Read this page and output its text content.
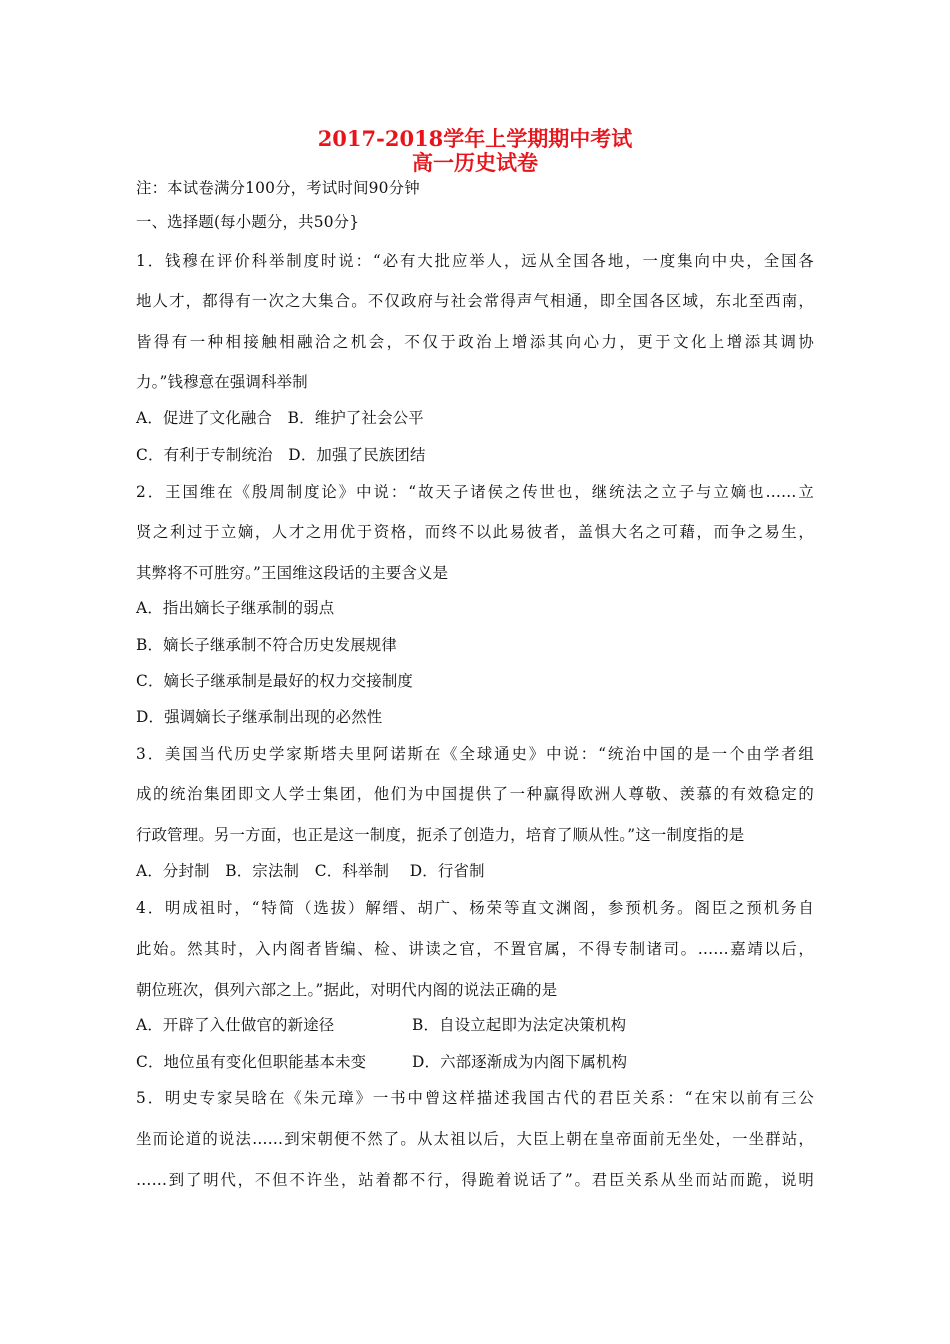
2017-2018学年上学期期中考试
高一历史试卷
注：本试卷满分100分，考试时间90分钟
一、选择题(每小题分，共50分}
1．钱穆在评价科举制度时说：“必有大批应举人，远从全国各地，一度集向中央，全国各
地人才，都得有一次之大集合。不仅政府与社会常得声气相通，即全国各区域，东北至西南，
皆得有一种相接触相融洽之机会，不仅于政治上增添其向心力，更于文化上增添其调协
力。”钱穆意在强调科举制
A．促进了文化融合　B．维护了社会公平
C．有利于专制统治　D．加强了民族团结
2．王国维在《殷周制度论》中说：“故天子诸侯之传世也，继统法之立子与立嫡也……立
贤之利过于立嫡，人才之用优于资格，而终不以此易彼者，盖惧大名之可藉，而争之易生，
其弊将不可胜穷。”王国维这段话的主要含义是
A．指出嫡长子继承制的弱点
B．嫡长子继承制不符合历史发展规律
C．嫡长子继承制是最好的权力交接制度
D．强调嫡长子继承制出现的必然性
3．美国当代历史学家斯塔夫里阿诺斯在《全球通史》中说：“统治中国的是一个由学者组
成的统治集团即文人学士集团，他们为中国提供了一种赢得欧洲人尊敬、羡慕的有效稳定的
行政管理。另一方面，也正是这一制度，扼杀了创造力，培育了顺从性。”这一制度指的是
A．分封制　B．宗法制　C．科举制　 D．行省制
4．明成祖时，“特简（选拔）解缙、胡广、杨荣等直文渊阁，参预机务。阁臣之预机务自
此始。然其时，入内阁者皆编、检、讲读之官，不置官属，不得专制诸司。……嘉靖以后，
朝位班次，俱列六部之上。”据此，对明代内阁的说法正确的是
A．开辟了入仕做官的新途径	B．自设立起即为法定决策机构
C．地位虽有变化但职能基本未变	D．六部逐渐成为内阁下属机构
5．明史专家吴晗在《朱元璋》一书中曾这样描述我国古代的君臣关系：“在宋以前有三公
坐而论道的说法……到宋朝便不然了。从太祖以后，大臣上朝在皇帝面前无坐处，一坐群站，
……到了明代，不但不许坐，站着都不行，得跪着说话了”。君臣关系从坐而站而跪，说明
